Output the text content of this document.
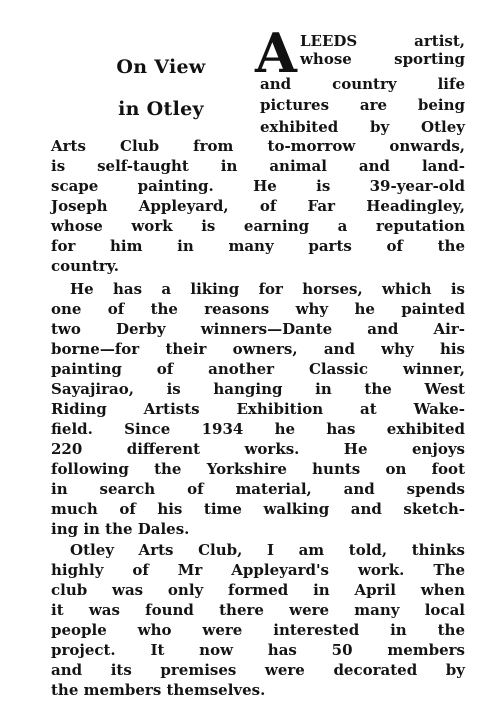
On View
in Otley
A LEEDS artist,
whose sporting
and country life
pictures are being
exhibited by Otley
Arts Club from to-morrow onwards,
is self-taught in animal and land-
scape painting. He is 39-year-old
Joseph Appleyard, of Far Headingley,
whose work is earning a reputation
for him in many parts of the
country.
He has a liking for horses, which is
one of the reasons why he painted
two Derby winners—Dante and Air-
borne—for their owners, and why his
painting of another Classic winner,
Sayajirao, is hanging in the West
Riding Artists Exhibition at Wake-
field. Since 1934 he has exhibited
220 different works. He enjoys
following the Yorkshire hunts on foot
in search of material, and spends
much of his time walking and sketch-
ing in the Dales.
Otley Arts Club, I am told, thinks
highly of Mr Appleyard's work. The
club was only formed in April when
it was found there were many local
people who were interested in the
project. It now has 50 members
and its premises were decorated by
the members themselves.
